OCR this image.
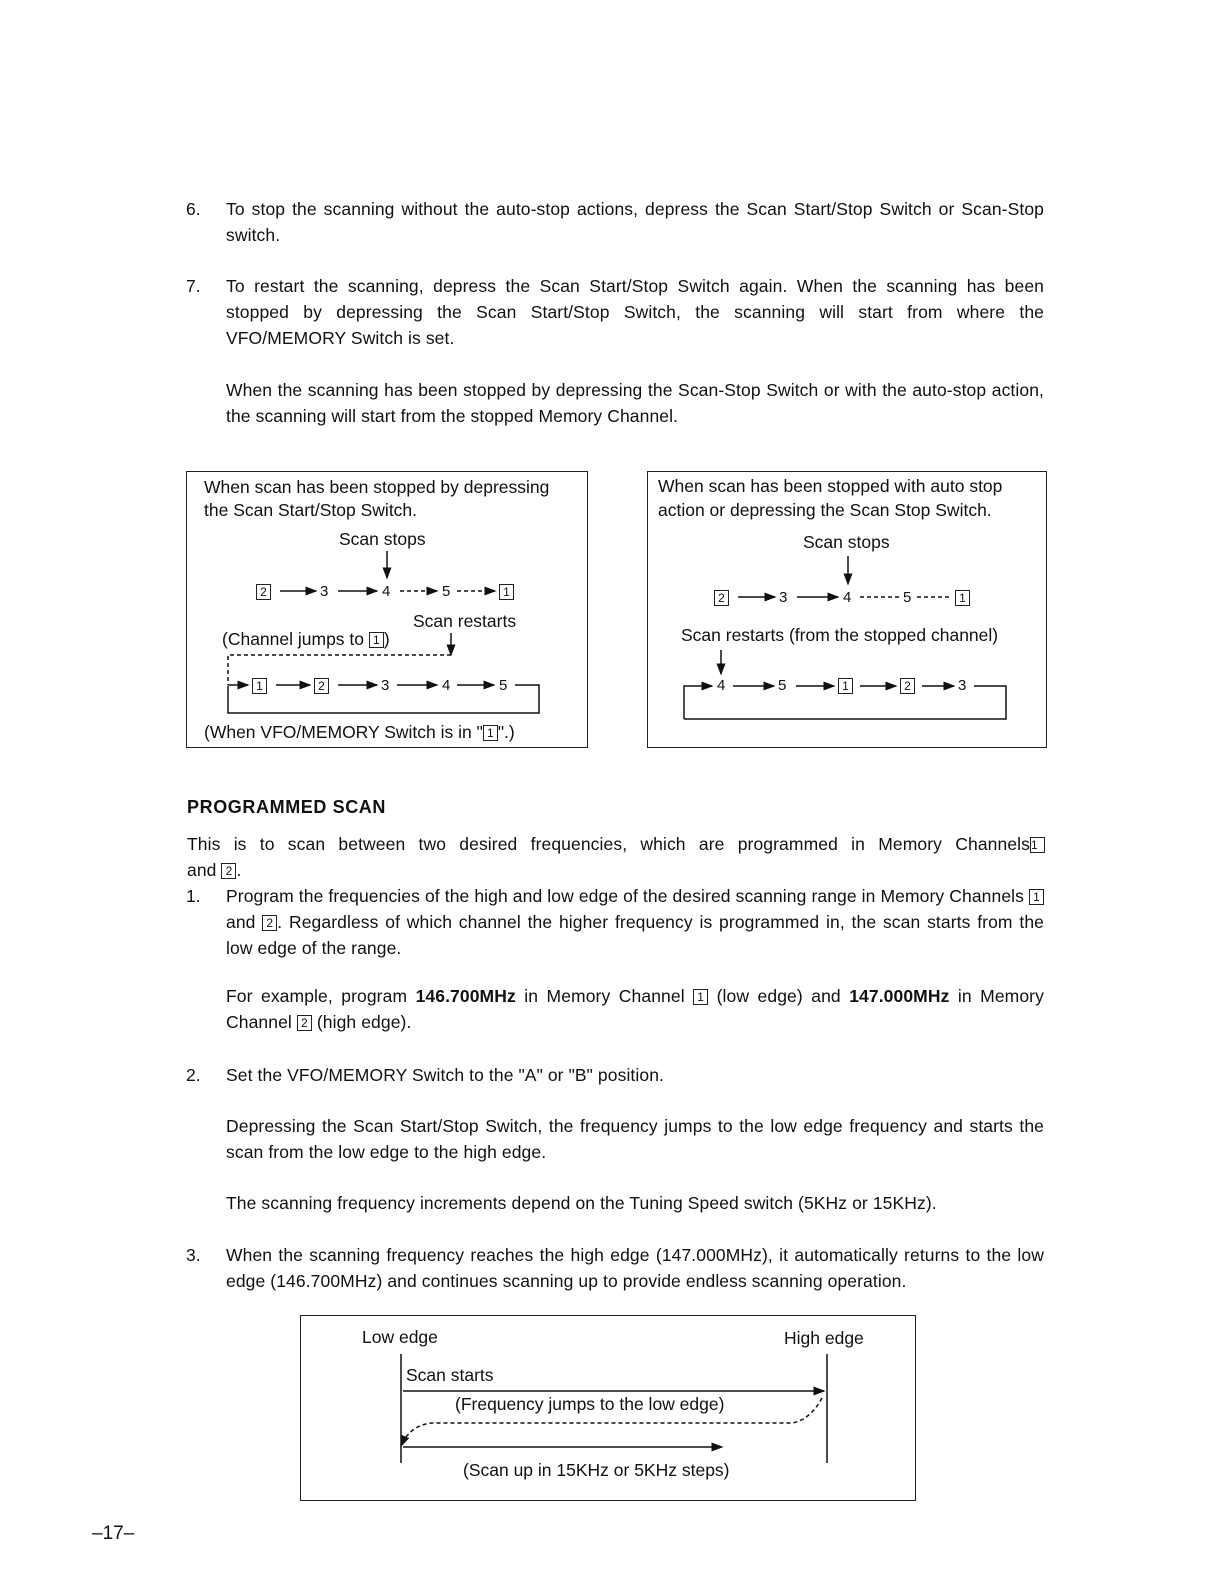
6. To stop the scanning without the auto-stop actions, depress the Scan Start/Stop Switch or Scan-Stop switch.
7. To restart the scanning, depress the Scan Start/Stop Switch again. When the scanning has been stopped by depressing the Scan Start/Stop Switch, the scanning will start from where the VFO/MEMORY Switch is set.
When the scanning has been stopped by depressing the Scan-Stop Switch or with the auto-stop action, the scanning will start from the stopped Memory Channel.
When scan has been stopped by depressing
the Scan Start/Stop Switch.
Scan stops
2	3	4	5	1
Scan restarts
(Channel jumps to 1 )
1	2	3	4	5
(When VFO/MEMORY Switch is in " 1 ".)
When scan has been stopped with auto stop
action or depressing the Scan Stop Switch.
Scan stops
2	3	4	5	1
Scan restarts (from the stopped channel)
4	5	1	2	3
PROGRAMMED SCAN
This is to scan between two desired frequencies, which are programmed in Memory Channels1
and 2 .
1. Program the frequencies of the high and low edge of the desired scanning range in Memory Channels 1 and 2 . Regardless of which channel the higher frequency is programmed in, the scan starts from the low edge of the range.
For example, program 146.700MHz in Memory Channel 1 (low edge) and 147.000MHz in Memory Channel 2 (high edge).
2. Set the VFO/MEMORY Switch to the "A" or "B" position.
Depressing the Scan Start/Stop Switch, the frequency jumps to the low edge frequency and starts the scan from the low edge to the high edge.
The scanning frequency increments depend on the Tuning Speed switch (5KHz or 15KHz).
3. When the scanning frequency reaches the high edge (147.000MHz), it automatically returns to the low edge (146.700MHz) and continues scanning up to provide endless scanning operation.
Low edge	High edge
Scan starts
(Frequency jumps to the low edge)
(Scan up in 15KHz or 5KHz steps)
–17–
